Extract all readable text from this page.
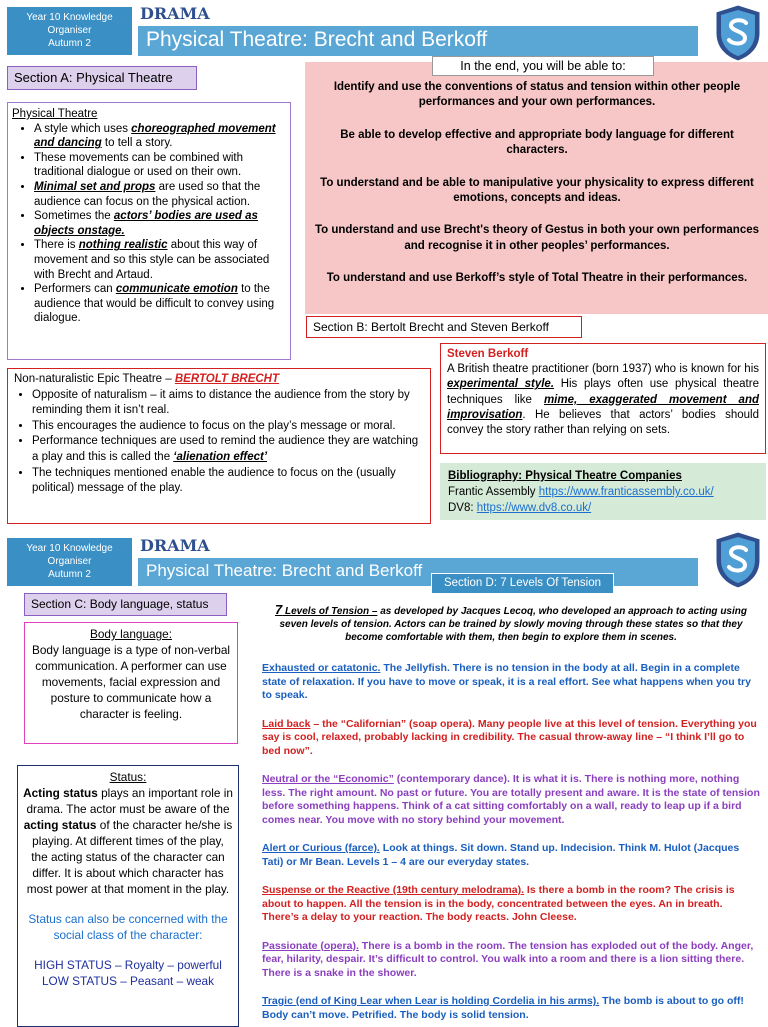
Year 10 Knowledge
Organiser
Autumn 2
DRAMA
Physical Theatre: Brecht and Berkoff
Section A: Physical Theatre
Physical Theatre
• A style which uses choreographed movement and dancing to tell a story.
• These movements can be combined with traditional dialogue or used on their own.
• Minimal set and props are used so that the audience can focus on the physical action.
• Sometimes the actors’ bodies are used as objects onstage.
• There is nothing realistic about this way of movement and so this style can be associated with Brecht and Artaud.
• Performers can communicate emotion to the audience that would be difficult to convey using dialogue.
In the end, you will be able to:
Identify and use the conventions of status and tension within other people performances and your own performances.
Be able to develop effective and appropriate body language for different characters.
To understand and be able to manipulative your physicality to express different emotions, concepts and ideas.
To understand and use Brecht's theory of Gestus in both your own performances and recognise it in other peoples’ performances.
To understand and use Berkoff’s style of Total Theatre in their performances.
Section B: Bertolt Brecht and Steven Berkoff
Steven Berkoff
A British theatre practitioner (born 1937) who is known for his experimental style. His plays often use physical theatre techniques like mime, exaggerated movement and improvisation. He believes that actors’ bodies should convey the story rather than relying on sets.
Non-naturalistic Epic Theatre – BERTOLT BRECHT
• Opposite of naturalism – it aims to distance the audience from the story by reminding them it isn’t real.
• This encourages the audience to focus on the play’s message or moral.
• Performance techniques are used to remind the audience they are watching a play and this is called the ‘alienation effect’
• The techniques mentioned enable the audience to focus on the (usually political) message of the play.
Bibliography: Physical Theatre Companies
Frantic Assembly https://www.franticassembly.co.uk/
DV8: https://www.dv8.co.uk/
Year 10 Knowledge
Organiser
Autumn 2
DRAMA
Physical Theatre: Brecht and Berkoff
Section D: 7 Levels Of Tension
Section C: Body language, status
Body language:
Body language is a type of non-verbal communication. A performer can use movements, facial expression and posture to communicate how a character is feeling.
Status:
Acting status plays an important role in drama. The actor must be aware of the acting status of the character he/she is playing. At different times of the play, the acting status of the character can differ. It is about which character has most power at that moment in the play.
Status can also be concerned with the social class of the character:
HIGH STATUS – Royalty – powerful
LOW STATUS – Peasant – weak
7 Levels of Tension – as developed by Jacques Lecoq, who developed an approach to acting using seven levels of tension. Actors can be trained by slowly moving through these states so that they become comfortable with them, then begin to explore them in scenes.
Exhausted or catatonic. The Jellyfish. There is no tension in the body at all. Begin in a complete state of relaxation. If you have to move or speak, it is a real effort. See what happens when you try to speak.
Laid back – the “Californian” (soap opera). Many people live at this level of tension. Everything you say is cool, relaxed, probably lacking in credibility. The casual throw-away line – “I think I’ll go to bed now”.
Neutral or the “Economic” (contemporary dance). It is what it is. There is nothing more, nothing less. The right amount. No past or future. You are totally present and aware. It is the state of tension before something happens. Think of a cat sitting comfortably on a wall, ready to leap up if a bird comes near. You move with no story behind your movement.
Alert or Curious (farce). Look at things. Sit down. Stand up. Indecision. Think M. Hulot (Jacques Tati) or Mr Bean. Levels 1 – 4 are our everyday states.
Suspense or the Reactive (19th century melodrama). Is there a bomb in the room? The crisis is about to happen. All the tension is in the body, concentrated between the eyes. An in breath. There’s a delay to your reaction. The body reacts. John Cleese.
Passionate (opera). There is a bomb in the room. The tension has exploded out of the body. Anger, fear, hilarity, despair. It’s difficult to control. You walk into a room and there is a lion sitting there. There is a snake in the shower.
Tragic (end of King Lear when Lear is holding Cordelia in his arms). The bomb is about to go off! Body can’t move. Petrified. The body is solid tension.
